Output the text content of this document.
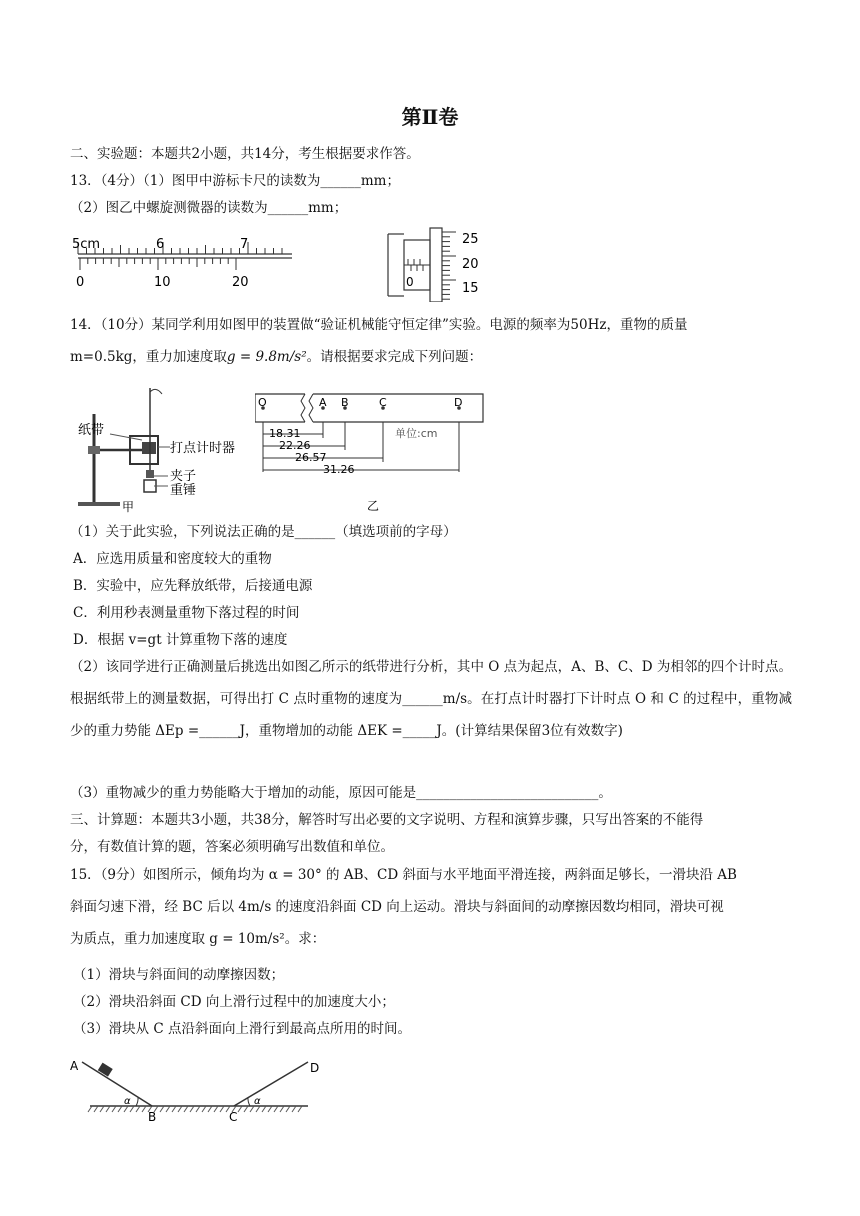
第Ⅱ卷
二、实验题：本题共2小题，共14分，考生根据要求作答。
13．（4分）（1）图甲中游标卡尺的读数为______mm；
（2）图乙中螺旋测微器的读数为______mm；
5cm	6	7
0	10	20
25
20
15
0
14．（10分）某同学利用如图甲的装置做“验证机械能守恒定律”实验。电源的频率为50Hz，重物的质量
m=0.5kg，重力加速度取g = 9.8m/s²。请根据要求完成下列问题：
纸带
打点计时器
夹子
重锤
甲
O	A B	C	D
18.31
22.26
26.57
31.26
单位:cm
乙
（1）关于此实验，下列说法正确的是______（填选项前的字母）
A．应选用质量和密度较大的重物
B．实验中，应先释放纸带，后接通电源
C．利用秒表测量重物下落过程的时间
D．根据 v=gt 计算重物下落的速度
（2）该同学进行正确测量后挑选出如图乙所示的纸带进行分析，其中 O 点为起点，A、B、C、D 为相邻的四个计时点。根据纸带上的测量数据，可得出打 C 点时重物的速度为______m/s。在打点计时器打下计时点 O 和 C 的过程中，重物减少的重力势能 ΔEp =______J，重物增加的动能 ΔEK =_____J。(计算结果保留3位有效数字)
（3）重物减少的重力势能略大于增加的动能，原因可能是___________________________。
三、计算题：本题共3小题，共38分，解答时写出必要的文字说明、方程和演算步骤，只写出答案的不能得
分，有数值计算的题，答案必须明确写出数值和单位。
15．（9分）如图所示，倾角均为 α = 30° 的 AB、CD 斜面与水平地面平滑连接，两斜面足够长，一滑块沿 AB
斜面匀速下滑，经 BC 后以 4m/s 的速度沿斜面 CD 向上运动。滑块与斜面间的动摩擦因数均相同，滑块可视
为质点，重力加速度取 g = 10m/s²。求：
（1）滑块与斜面间的动摩擦因数；
（2）滑块沿斜面 CD 向上滑行过程中的加速度大小；
（3）滑块从 C 点沿斜面向上滑行到最高点所用的时间。
A
B	C
D
α	α
